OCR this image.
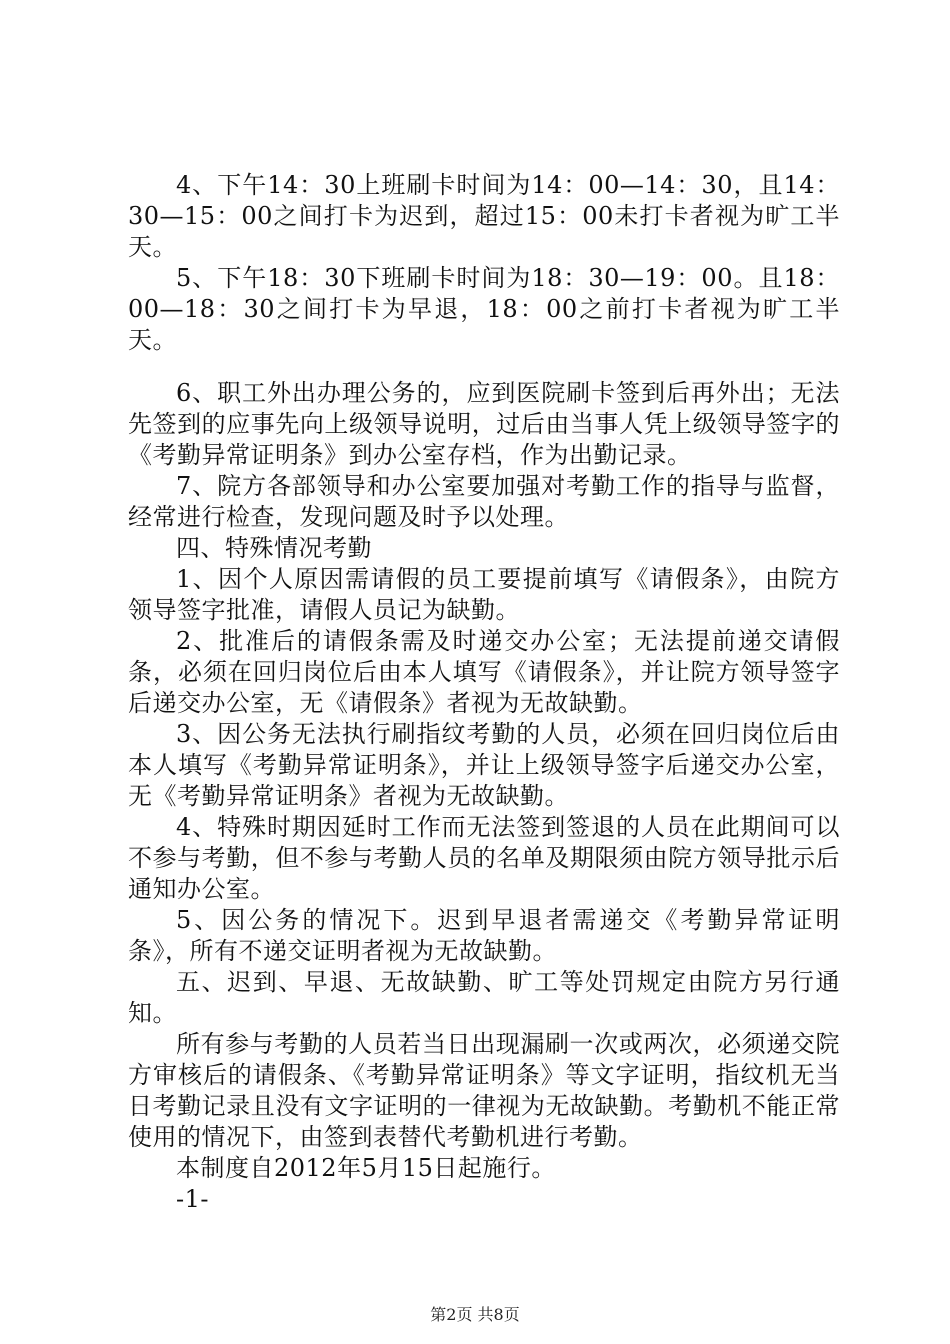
4、下午14：30上班刷卡时间为14：00—14：30，且14：30—15：00之间打卡为迟到，超过15：00未打卡者视为旷工半天。

5、下午18：30下班刷卡时间为18：30—19：00。且18：00—18：30之间打卡为早退，18：00之前打卡者视为旷工半天。

6、职工外出办理公务的，应到医院刷卡签到后再外出；无法先签到的应事先向上级领导说明，过后由当事人凭上级领导签字的《考勤异常证明条》到办公室存档，作为出勤记录。

7、院方各部领导和办公室要加强对考勤工作的指导与监督，经常进行检查，发现问题及时予以处理。

四、特殊情况考勤

1、因个人原因需请假的员工要提前填写《请假条》，由院方领导签字批准，请假人员记为缺勤。

2、批准后的请假条需及时递交办公室；无法提前递交请假条，必须在回归岗位后由本人填写《请假条》，并让院方领导签字后递交办公室，无《请假条》者视为无故缺勤。

3、因公务无法执行刷指纹考勤的人员，必须在回归岗位后由本人填写《考勤异常证明条》，并让上级领导签字后递交办公室，无《考勤异常证明条》者视为无故缺勤。

4、特殊时期因延时工作而无法签到签退的人员在此期间可以不参与考勤，但不参与考勤人员的名单及期限须由院方领导批示后通知办公室。

5、因公务的情况下。迟到早退者需递交《考勤异常证明条》，所有不递交证明者视为无故缺勤。

五、迟到、早退、无故缺勤、旷工等处罚规定由院方另行通知。

所有参与考勤的人员若当日出现漏刷一次或两次，必须递交院方审核后的请假条、《考勤异常证明条》等文字证明，指纹机无当日考勤记录且没有文字证明的一律视为无故缺勤。考勤机不能正常使用的情况下，由签到表替代考勤机进行考勤。

本制度自2012年5月15日起施行。

-1-

第2页 共8页
